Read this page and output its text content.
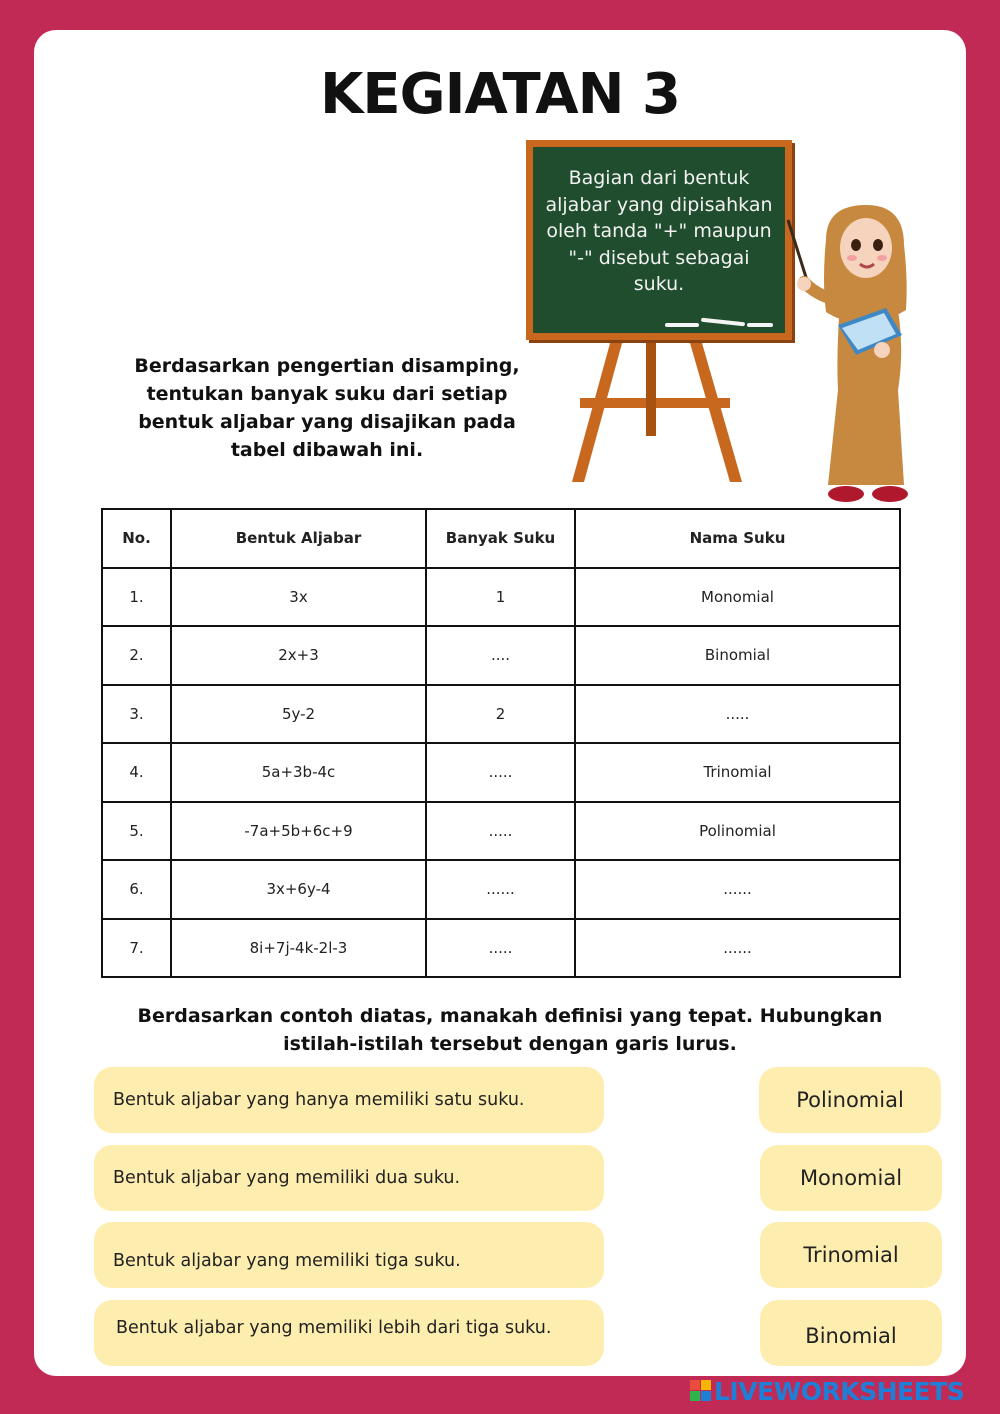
KEGIATAN 3
Bagian dari bentuk aljabar yang dipisahkan oleh tanda "+" maupun "-" disebut sebagai suku.
Berdasarkan pengertian disamping, tentukan banyak suku dari setiap bentuk aljabar yang disajikan pada tabel dibawah ini.
No.	Bentuk Aljabar	Banyak Suku	Nama Suku
1.	3x	1	Monomial
2.	2x+3	....	Binomial
3.	5y-2	2	.....
4.	5a+3b-4c	.....	Trinomial
5.	-7a+5b+6c+9	.....	Polinomial
6.	3x+6y-4	......	......
7.	8i+7j-4k-2l-3	.....	......
Berdasarkan contoh diatas, manakah definisi yang tepat. Hubungkan istilah-istilah tersebut dengan garis lurus.
Bentuk aljabar yang hanya memiliki satu suku.
Bentuk aljabar yang memiliki dua suku.
Bentuk aljabar yang memiliki tiga suku.
Bentuk aljabar yang memiliki lebih dari tiga suku.
Polinomial
Monomial
Trinomial
Binomial
LIVEWORKSHEETS
